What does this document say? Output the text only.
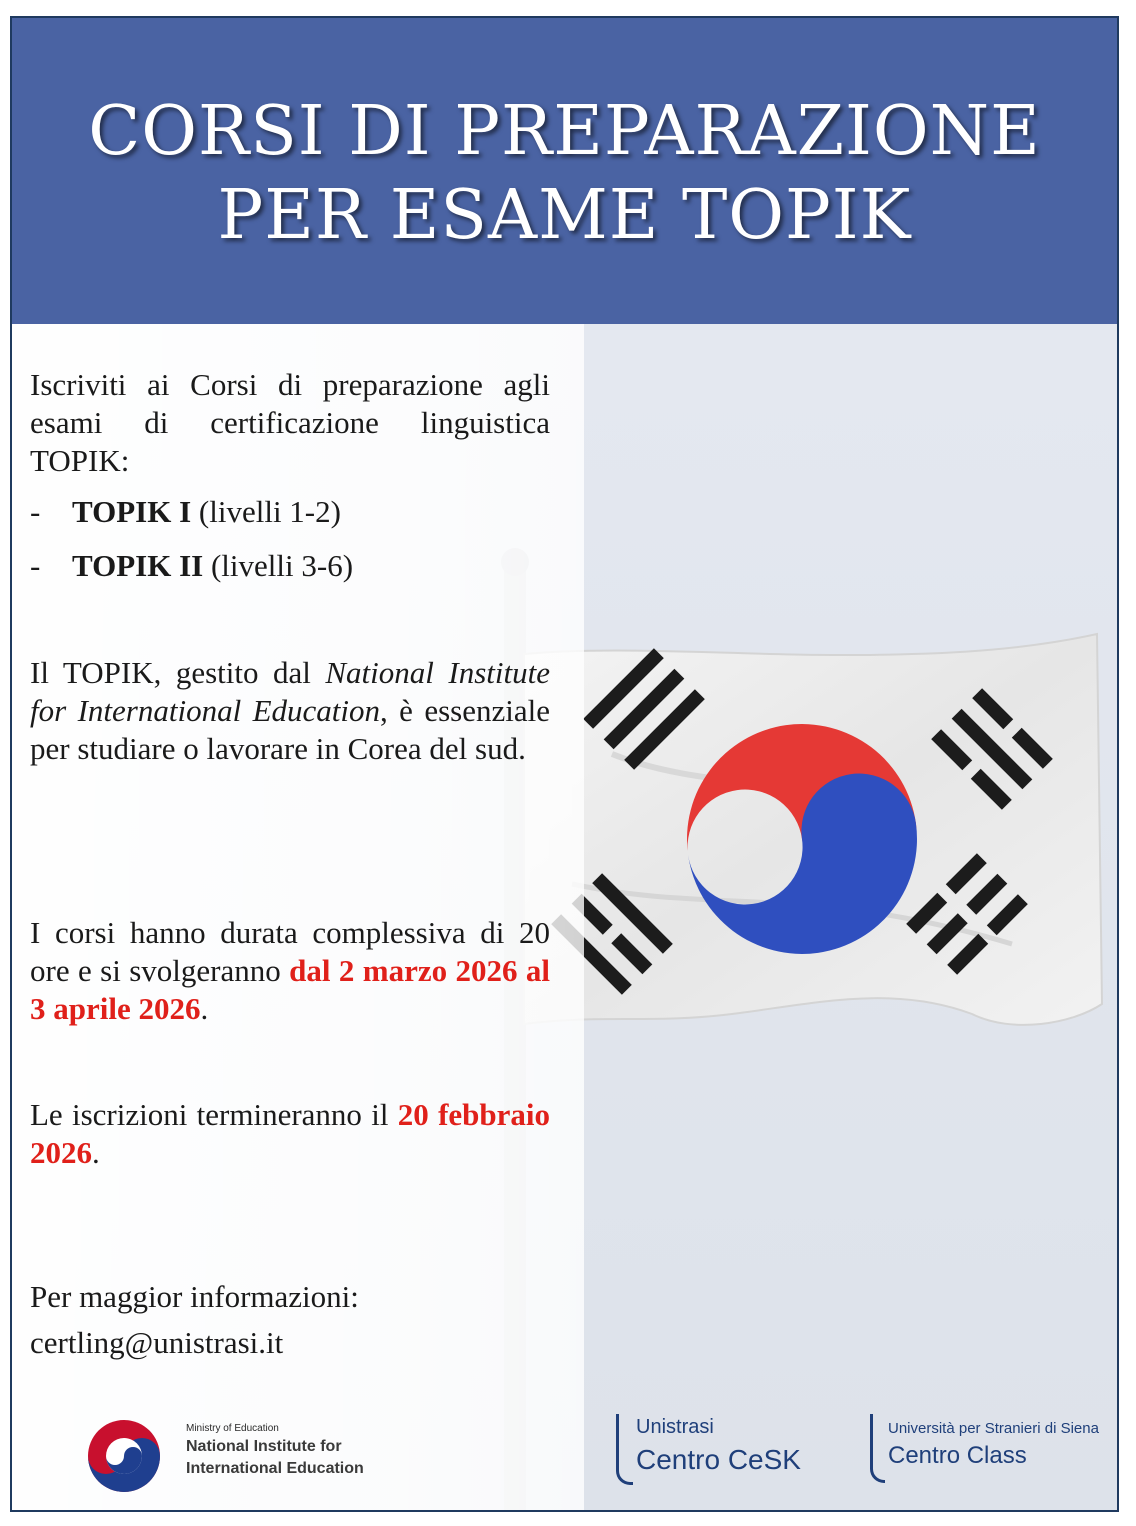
CORSI DI PREPARAZIONE
PER ESAME TOPIK
Iscriviti ai Corsi di preparazione agli esami di certificazione linguistica TOPIK:
- TOPIK I (livelli 1-2)
- TOPIK II (livelli 3-6)
Il TOPIK, gestito dal National Institute for International Education, è essenziale per studiare o lavorare in Corea del sud.
I corsi hanno durata complessiva di 20 ore e si svolgeranno dal 2 marzo 2026 al 3 aprile 2026.
Le iscrizioni termineranno il 20 febbraio 2026.
Per maggior informazioni:
certling@unistrasi.it
Ministry of Education
National Institute for
International Education
Unistrasi
Centro CeSK
Università per Stranieri di Siena
Centro Class
